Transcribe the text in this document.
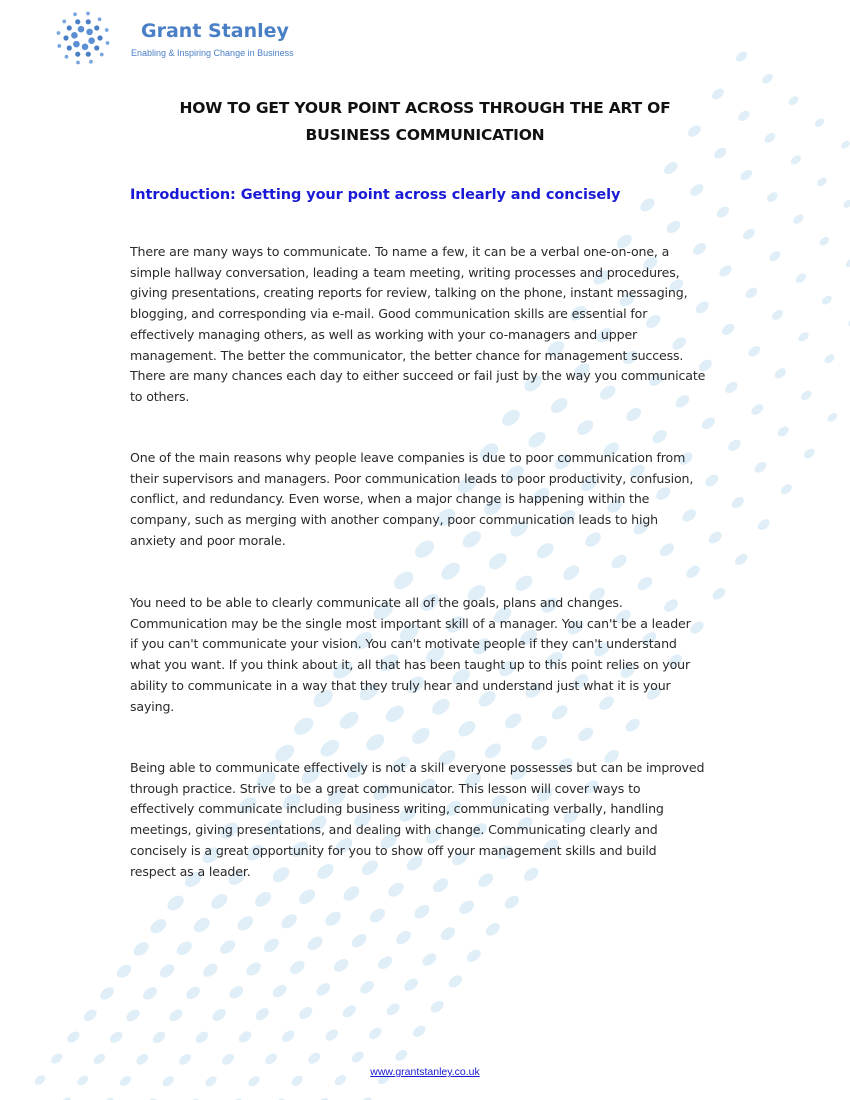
Grant Stanley
Enabling & Inspiring Change in Business
HOW TO GET YOUR POINT ACROSS THROUGH THE ART OF
BUSINESS COMMUNICATION
Introduction: Getting your point across clearly and concisely

There are many ways to communicate. To name a few, it can be a verbal one-on-one, a
simple hallway conversation, leading a team meeting, writing processes and procedures,
giving presentations, creating reports for review, talking on the phone, instant messaging,
blogging, and corresponding via e-mail. Good communication skills are essential for
effectively managing others, as well as working with your co-managers and upper
management. The better the communicator, the better chance for management success.
There are many chances each day to either succeed or fail just by the way you communicate
to others.

One of the main reasons why people leave companies is due to poor communication from
their supervisors and managers. Poor communication leads to poor productivity, confusion,
conflict, and redundancy. Even worse, when a major change is happening within the
company, such as merging with another company, poor communication leads to high
anxiety and poor morale.

You need to be able to clearly communicate all of the goals, plans and changes.
Communication may be the single most important skill of a manager. You can't be a leader
if you can't communicate your vision. You can't motivate people if they can't understand
what you want. If you think about it, all that has been taught up to this point relies on your
ability to communicate in a way that they truly hear and understand just what it is your
saying.

Being able to communicate effectively is not a skill everyone possesses but can be improved
through practice. Strive to be a great communicator. This lesson will cover ways to
effectively communicate including business writing, communicating verbally, handling
meetings, giving presentations, and dealing with change. Communicating clearly and
concisely is a great opportunity for you to show off your management skills and build
respect as a leader.

www.grantstanley.co.uk
